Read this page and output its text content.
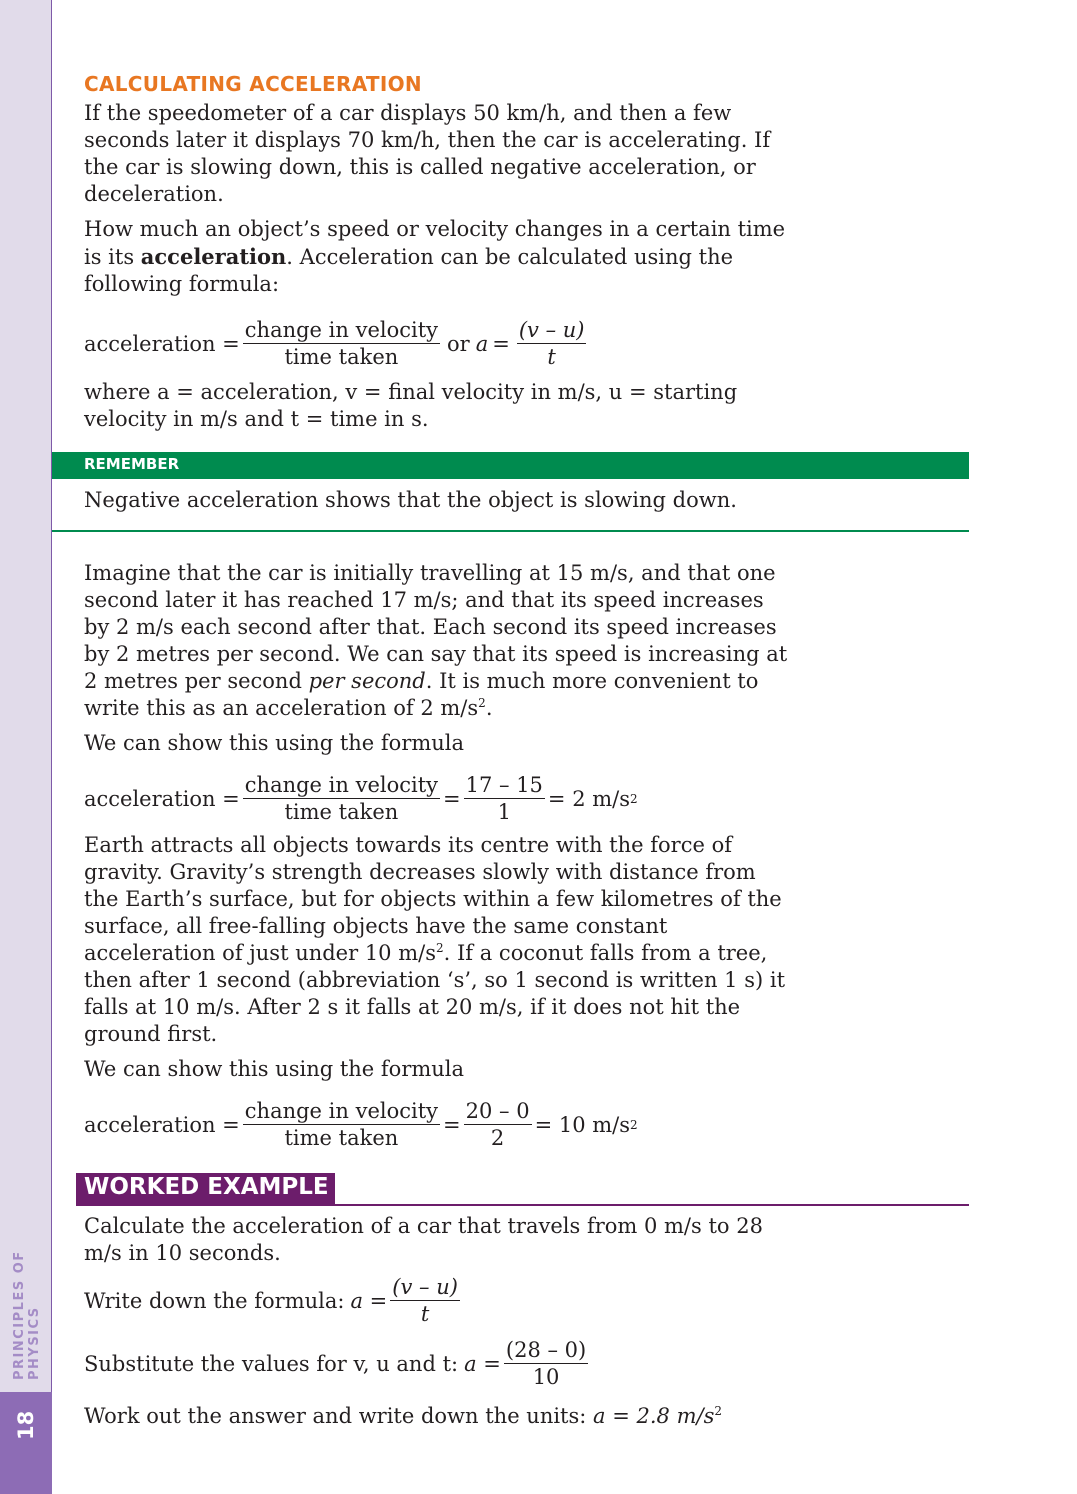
PRINCIPLES OF PHYSICS
18
CALCULATING ACCELERATION

If the speedometer of a car displays 50 km/h, and then a few seconds later it displays 70 km/h, then the car is accelerating. If the car is slowing down, this is called negative acceleration, or deceleration.

How much an object’s speed or velocity changes in a certain time is its acceleration. Acceleration can be calculated using the following formula:

acceleration = $\frac{\text{change in velocity}}{\text{time taken}}$ or $a = \frac{(v - u)}{t}$

where a = acceleration, v = final velocity in m/s, u = starting velocity in m/s and t = time in s.

REMEMBER

Negative acceleration shows that the object is slowing down.

Imagine that the car is initially travelling at 15 m/s, and that one second later it has reached 17 m/s; and that its speed increases by 2 m/s each second after that. Each second its speed increases by 2 metres per second. We can say that its speed is increasing at 2 metres per second per second. It is much more convenient to write this as an acceleration of 2 $m/s^2$.

We can show this using the formula

acceleration = $\frac{\text{change in velocity}}{\text{time taken}} = \frac{17 - 15}{1} = 2$ m/s 2

Earth attracts all objects towards its centre with the force of gravity. Gravity’s strength decreases slowly with distance from the Earth’s surface, but for objects within a few kilometres of the surface, all free-falling objects have the same constant acceleration of just under 10 $m/s^2$. If a coconut falls from a tree, then after 1 second (abbreviation ‘s’, so 1 second is written 1 s) it falls at 10 m/s. After 2 s it falls at 20 m/s, if it does not hit the ground first.

We can show this using the formula

acceleration = $\frac{\text{change in velocity}}{\text{time taken}} = \frac{20 - 0}{2} = 10$ m/s 2
WORKED EXAMPLE

Calculate the acceleration of a car that travels from 0 m/s to 28 m/s in 10 seconds.

Write down the formula: $a = \frac{(v - u)}{t}$
Substitute the values for v, u and t: $a = \frac{(28 - 0)}{10}$

Work out the answer and write down the units: a = 2.8 $m/s^2$
